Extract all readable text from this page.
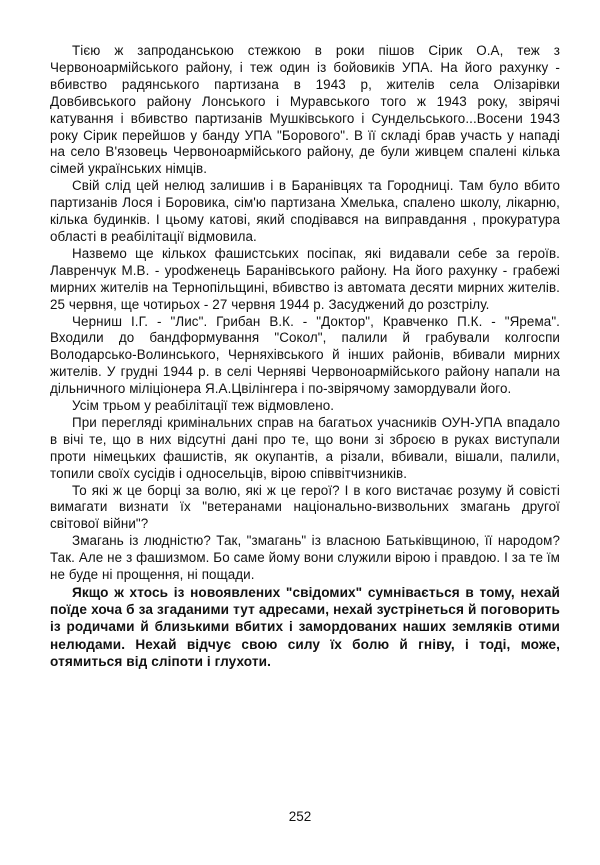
Тією ж запроданською стежкою в роки пішов Сірик О.А, теж з Червоноармійського району, і теж один із бойовиків УПА. На його рахунку - вбивство радянського партизана в 1943 р, жителів села Олізарівки Довбивського району Лонського і Муравського того ж 1943 року, звірячі катування і вбивство партизанів Мушківського і Сундельського...Восени 1943 року Сірик перейшов у банду УПА "Борового". В її складі брав участь у нападі на село В'язовець Червоноармійського району, де були живцем спалені кілька сімей українських німців.

Свій слід цей нелюд залишив і в Баранівцях та Городниці. Там було вбито партизанів Лося і Боровика, сім'ю партизана Хмелька, спалено школу, лікарню, кілька будинків. І цьому катові, який сподівався на виправдання , прокуратура області в реабілітації відмовила.

Назвемо ще кількох фашистських посіпак, які видавали себе за героїв. Лавренчук М.В. - урodженець Баранівського району. На його рахунку - грабежі мирних жителів на Тернопільщині, вбивство із автомата десяти мирних жителів. 25 червня, ще чотирьох - 27 червня 1944 р. Засуджений до розстрілу.

Черниш І.Г. - "Лис". Грибан В.К. - "Доктор", Кравченко П.К. - "Ярема". Входили до бандформування "Сокол", палили й грабували колгоспи Володарсько-Волинського, Черняхівського й інших районів, вбивали мирних жителів. У грудні 1944 р. в селі Черняві Червоноармійського району напали на дільничного міліціонера Я.А.Цвілінгера і по-звірячому замордували його.

Усім трьом у реабілітації теж відмовлено.

При перегляді кримінальних справ на багатьох учасників ОУН-УПА впадало в вічі те, що в них відсутні дані про те, що вони зі зброєю в руках виступали проти німецьких фашистів, як окупантів, а різали, вбивали, вішали, палили, топили своїх сусідів і односельців, вірою співвітчизників.

То які ж це борці за волю, які ж це герої? І в кого вистачає розуму й совісті вимагати визнати їх "ветеранами національно-визвольних змагань другої світової війни"?

Змагань із людністю? Так, "змагань" із власною Батьківщиною, її народом? Так. Але не з фашизмом. Бо саме йому вони служили вірою і правдою. І за те їм не буде ні прощення, ні пощади.

Якщо ж хтось із новоявлених "свідомих" сумнівається в тому, нехай поїде хоча б за згаданими тут адресами, нехай зустрінеться й поговорить із родичами й близькими вбитих і замордованих наших земляків отими нелюдами. Нехай відчує свою силу їх болю й гніву, і тоді, може, отямиться від сліпоти і глухоти.

252
